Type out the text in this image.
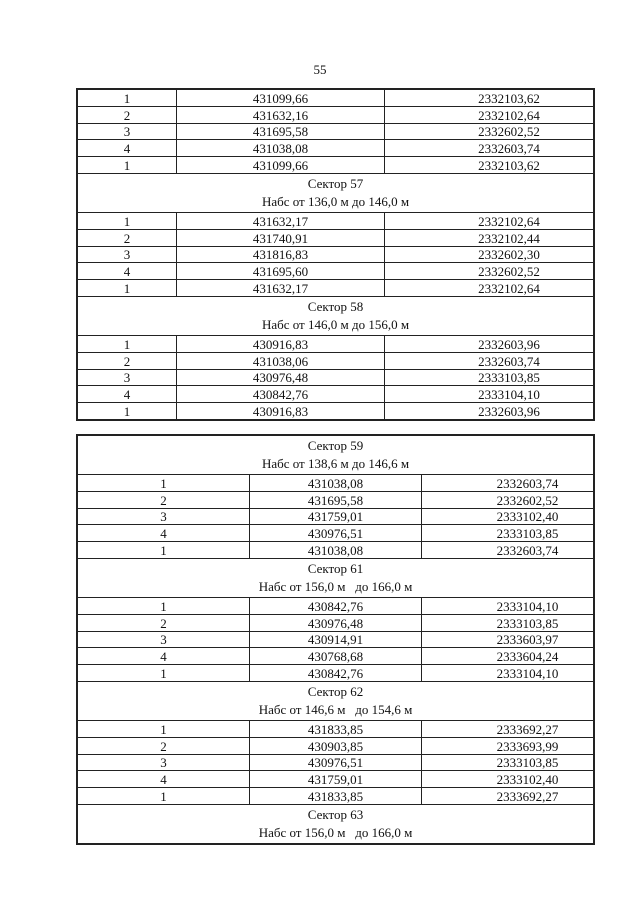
55
1	431099,66	2332103,62
2	431632,16	2332102,64
3	431695,58	2332602,52
4	431038,08	2332603,74
1	431099,66	2332103,62

Сектор 57
Набс от 136,0 м до 146,0 м		

1	431632,17	2332102,64
2	431740,91	2332102,44
3	431816,83	2332602,30
4	431695,60	2332602,52
1	431632,17	2332102,64

Сектор 58
Набс от 146,0 м до 156,0 м		

1	430916,83	2332603,96
2	431038,06	2332603,74
3	430976,48	2333103,85
4	430842,76	2333104,10
1	430916,83	2332603,96
Сектор 59
Набс от 138,6 м до 146,6 м		

1	431038,08	2332603,74
2	431695,58	2332602,52
3	431759,01	2333102,40
4	430976,51	2333103,85
1	431038,08	2332603,74

Сектор 61
Набс от 156,0 м   до 166,0 м		

1	430842,76	2333104,10
2	430976,48	2333103,85
3	430914,91	2333603,97
4	430768,68	2333604,24
1	430842,76	2333104,10

Сектор 62
Набс от 146,6 м   до 154,6 м		

1	431833,85	2333692,27
2	430903,85	2333693,99
3	430976,51	2333103,85
4	431759,01	2333102,40
1	431833,85	2333692,27

Сектор 63
Набс от 156,0 м   до 166,0 м		
